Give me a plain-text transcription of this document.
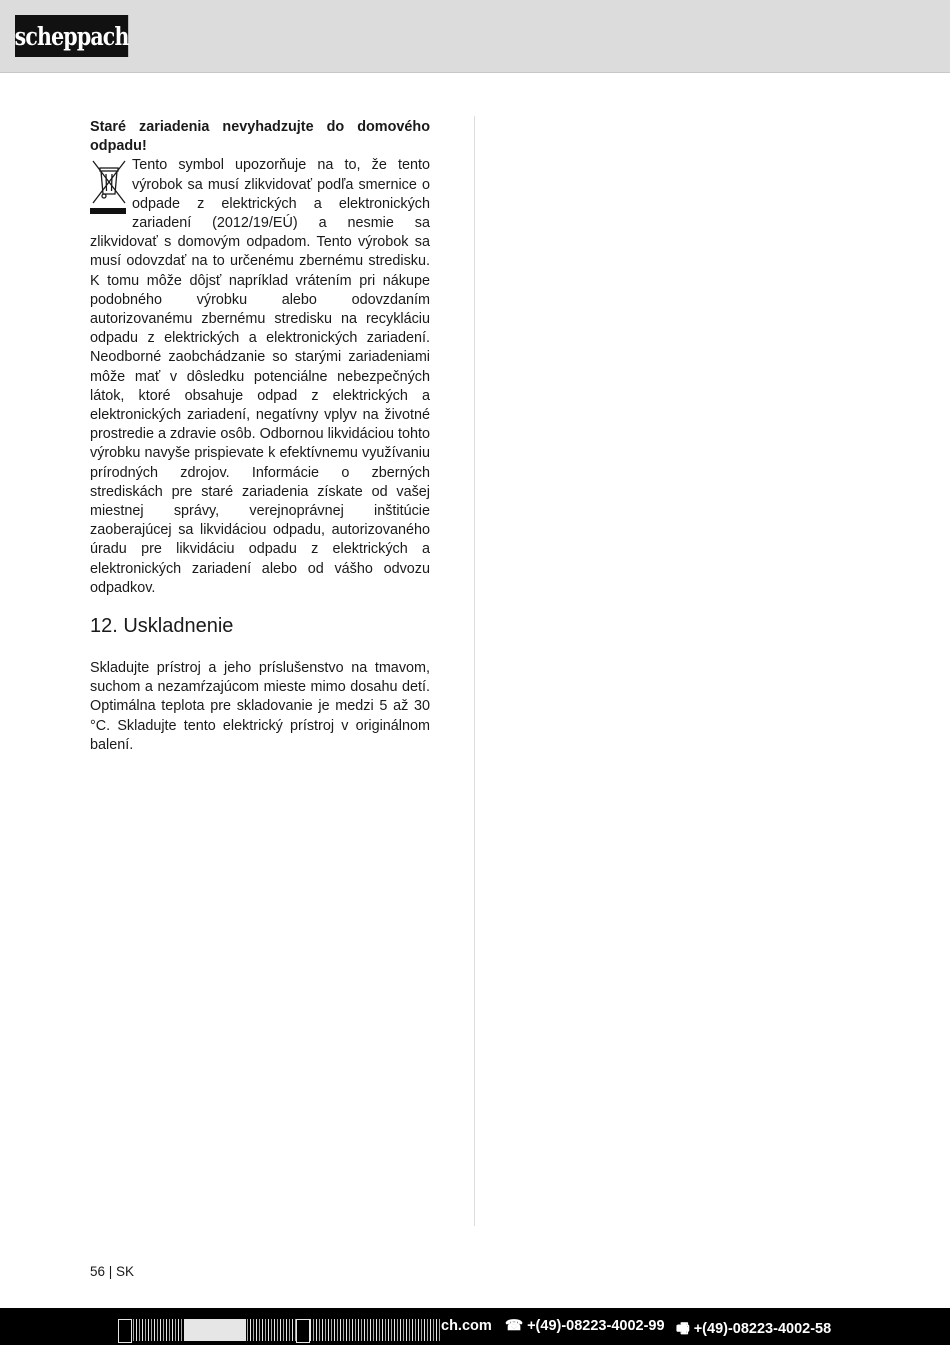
scheppach

Staré zariadenia nevyhadzujte do domového odpadu!

Tento symbol upozorňuje na to, že tento výrobok sa musí zlikvidovať podľa smernice o odpade z elektrických a elektronických zariadení (2012/19/EÚ) a nesmie sa zlikvidovať s domovým odpadom. Tento výrobok sa musí odovzdať na to určenému zbernému stredisku. K tomu môže dôjsť napríklad vrátením pri nákupe podobného výrobku alebo odovzdaním autorizovanému zbernému stredisku na recykláciu odpadu z elektrických a elektronických zariadení. Neodborné zaobchádzanie so starými zariadeniami môže mať v dôsledku potenciálne nebezpečných látok, ktoré obsahuje odpad z elektrických a elektronických zariadení, negatívny vplyv na životné prostredie a zdravie osôb. Odbornou likvidáciou tohto výrobku navyše prispievate k efektívnemu využívaniu prírodných zdrojov. Informácie o zberných strediskách pre staré zariadenia získate od vašej miestnej správy, verejnoprávnej inštitúcie zaoberajúcej sa likvidáciou odpadu, autorizovaného úradu pre likvidáciu odpadu z elektrických a elektronických zariadení alebo od vášho odvozu odpadkov.

12. Uskladnenie

Skladujte prístroj a jeho príslušenstvo na tmavom, suchom a nezamŕzajúcom mieste mimo dosahu detí. Optimálna teplota pre skladovanie je medzi 5 až 30 °C. Skladujte tento elektrický prístroj v originálnom balení.

56 | SK
ch.com ☎ +(49)-08223-4002-99 🖷 +(49)-08223-4002-58
